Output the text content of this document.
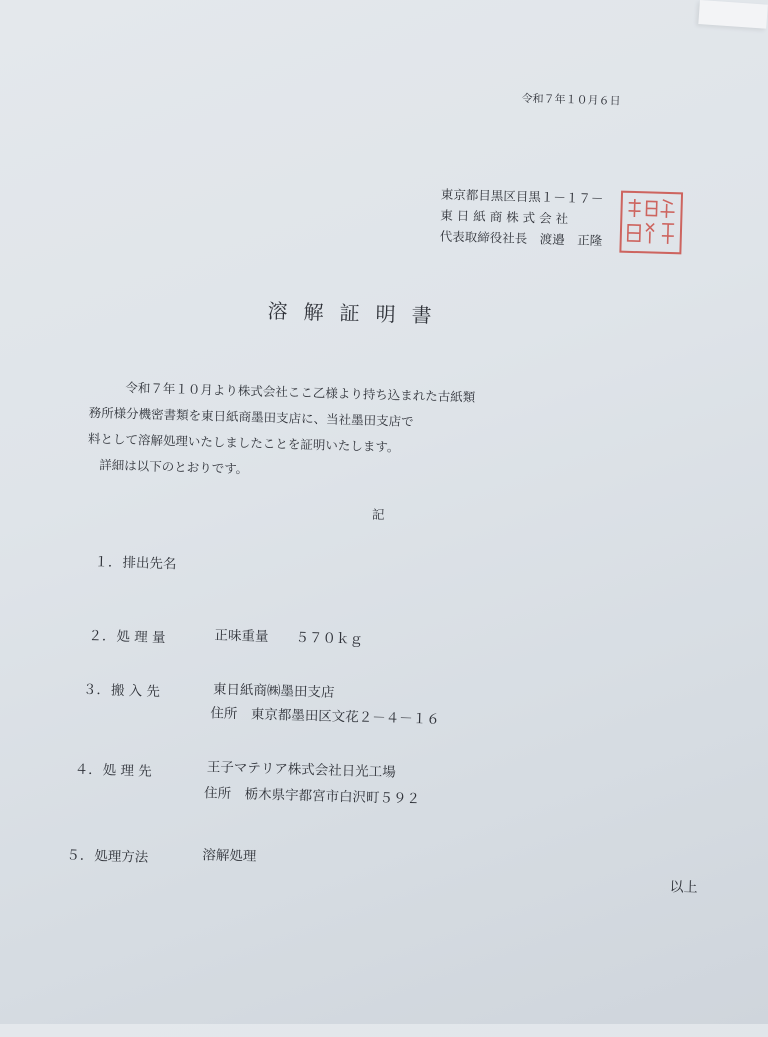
令和７年１０月６日
東京都目黒区目黒１－１７－
東 日 紙 商 株 式 会 社
代表取締役社長　渡邉　正隆
溶解証明書

令和７年１０月より株式会社ここ乙様より持ち込まれた古紙類

務所様分機密書類を東日紙商墨田支店に、当社墨田支店で

料として溶解処理いたしましたことを証明いたします。

詳細は以下のとおりです。

記
１． 排出先名
２． 処 理 量	正味重量　　５７０ｋｇ
３． 搬 入 先	東日紙商㈱墨田支店
住所　東京都墨田区文花２－４－１６
４． 処 理 先	王子マテリア株式会社日光工場
住所　栃木県宇都宮市白沢町５９２
５． 処理方法	溶解処理
以上
